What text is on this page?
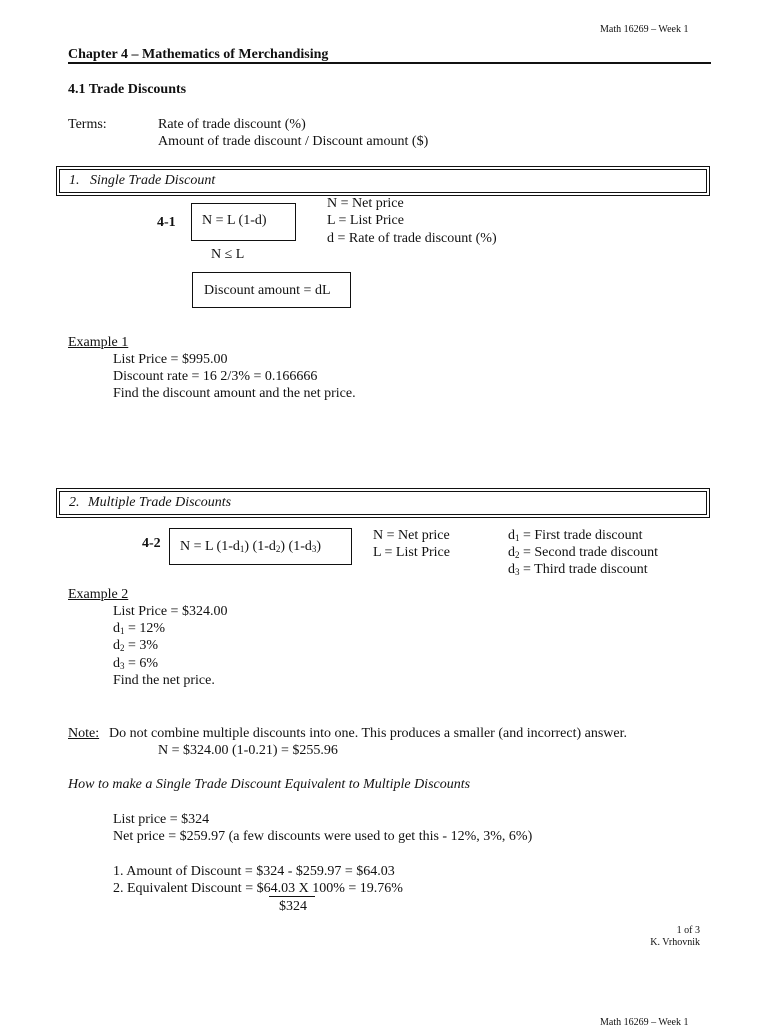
Math 16269 – Week 1
Chapter 4 – Mathematics of Merchandising
4.1 Trade Discounts
Terms:	Rate of trade discount (%)
Amount of trade discount / Discount amount ($)
1. Single Trade Discount
4-1 N = L (1-d)
N = Net price
L = List Price
d = Rate of trade discount (%)
N ≤ L
Discount amount = dL
Example 1
List Price = $995.00
Discount rate = 16 2/3% = 0.166666
Find the discount amount and the net price.
2. Multiple Trade Discounts
4-2 N = L $(1-d_1)$ $(1-d_2)$ $(1-d_3)$
N = Net price
L = List Price
$d_1$ = First trade discount
$d_2$ = Second trade discount
$d_3$ = Third trade discount
Example 2
List Price = $324.00
$d_1 = 12\%$
$d_2 = 3\%$
$d_3 = 6\%$
Find the net price.
Note: Do not combine multiple discounts into one. This produces a smaller (and incorrect) answer.
N = $324.00 (1-0.21) = $255.96
How to make a Single Trade Discount Equivalent to Multiple Discounts
List price = $324
Net price = $259.97 (a few discounts were used to get this - 12%, 3%, 6%)
1. Amount of Discount = $324 - $259.97 = $64.03
2. Equivalent Discount = $64.03 X 100% = 19.76%
$324
1 of 3
K. Vrhovnik
Math 16269 – Week 1
